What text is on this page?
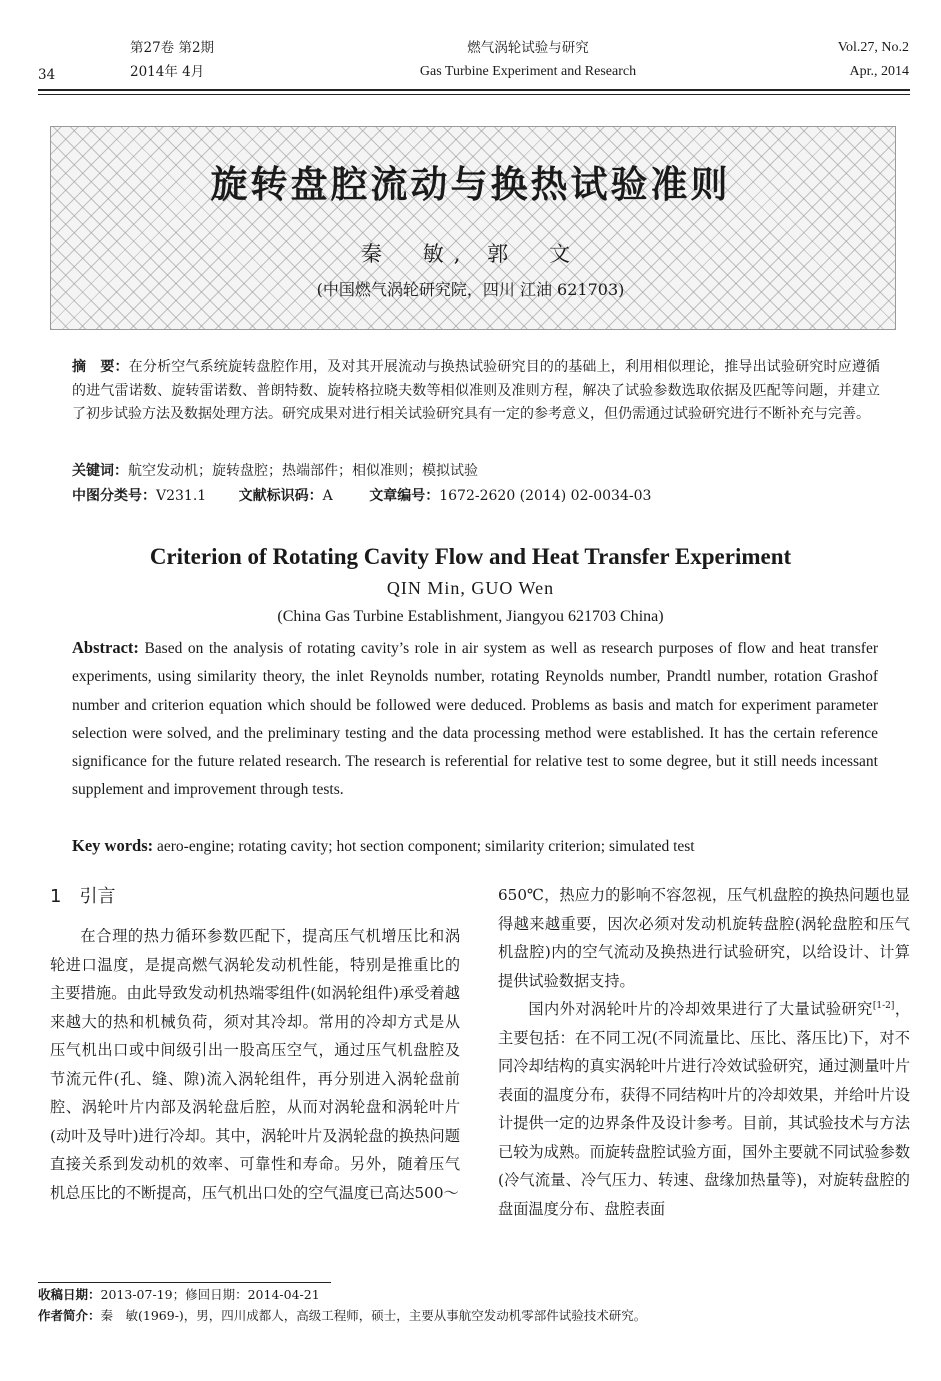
34
第27卷 第2期
2014年 4月
燃气涡轮试验与研究
Gas Turbine Experiment and Research
Vol.27, No.2
Apr., 2014
旋转盘腔流动与换热试验准则
秦　敏, 郭　文
(中国燃气涡轮研究院，四川 江油 621703)
摘　要：在分析空气系统旋转盘腔作用，及对其开展流动与换热试验研究目的的基础上，利用相似理论，推导出试验研究时应遵循的进气雷诺数、旋转雷诺数、普朗特数、旋转格拉晓夫数等相似准则及准则方程，解决了试验参数选取依据及匹配等问题，并建立了初步试验方法及数据处理方法。研究成果对进行相关试验研究具有一定的参考意义，但仍需通过试验研究进行不断补充与完善。
关键词：航空发动机；旋转盘腔；热端部件；相似准则；模拟试验
中图分类号：V231.1 文献标识码：A	文章编号：1672-2620 (2014) 02-0034-03
Criterion of Rotating Cavity Flow and Heat Transfer Experiment
QIN Min, GUO Wen
(China Gas Turbine Establishment, Jiangyou 621703 China)
Abstract: Based on the analysis of rotating cavity’s role in air system as well as research purposes of flow and heat transfer experiments, using similarity theory, the inlet Reynolds number, rotating Reynolds number, Prandtl number, rotation Grashof number and criterion equation which should be followed were deduced. Problems as basis and match for experiment parameter selection were solved, and the preliminary testing and the data processing method were established. It has the certain reference significance for the future related research. The research is referential for relative test to some degree, but it still needs incessant supplement and improvement through tests.
Key words: aero-engine; rotating cavity; hot section component; similarity criterion; simulated test
1　引言

在合理的热力循环参数匹配下，提高压气机增压比和涡轮进口温度，是提高燃气涡轮发动机性能，特别是推重比的主要措施。由此导致发动机热端零组件(如涡轮组件)承受着越来越大的热和机械负荷，须对其冷却。常用的冷却方式是从压气机出口或中间级引出一股高压空气，通过压气机盘腔及节流元件(孔、缝、隙)流入涡轮组件，再分别进入涡轮盘前腔、涡轮叶片内部及涡轮盘后腔，从而对涡轮盘和涡轮叶片(动叶及导叶)进行冷却。其中，涡轮叶片及涡轮盘的换热问题直接关系到发动机的效率、可靠性和寿命。另外，随着压气机总压比的不断提高，压气机出口处的空气温度已高达500～

650℃，热应力的影响不容忽视，压气机盘腔的换热问题也显得越来越重要，因次必须对发动机旋转盘腔(涡轮盘腔和压气机盘腔)内的空气流动及换热进行试验研究，以给设计、计算提供试验数据支持。

国内外对涡轮叶片的冷却效果进行了大量试验研究[1-2]，主要包括：在不同工况(不同流量比、压比、落压比)下，对不同冷却结构的真实涡轮叶片进行冷效试验研究，通过测量叶片表面的温度分布，获得不同结构叶片的冷却效果，并给叶片设计提供一定的边界条件及设计参考。目前，其试验技术与方法已较为成熟。而旋转盘腔试验方面，国外主要就不同试验参数(冷气流量、冷气压力、转速、盘缘加热量等)，对旋转盘腔的盘面温度分布、盘腔表面

收稿日期：2013-07-19；修回日期：2014-04-21
作者简介：秦　敏(1969-)，男，四川成都人，高级工程师，硕士，主要从事航空发动机零部件试验技术研究。
